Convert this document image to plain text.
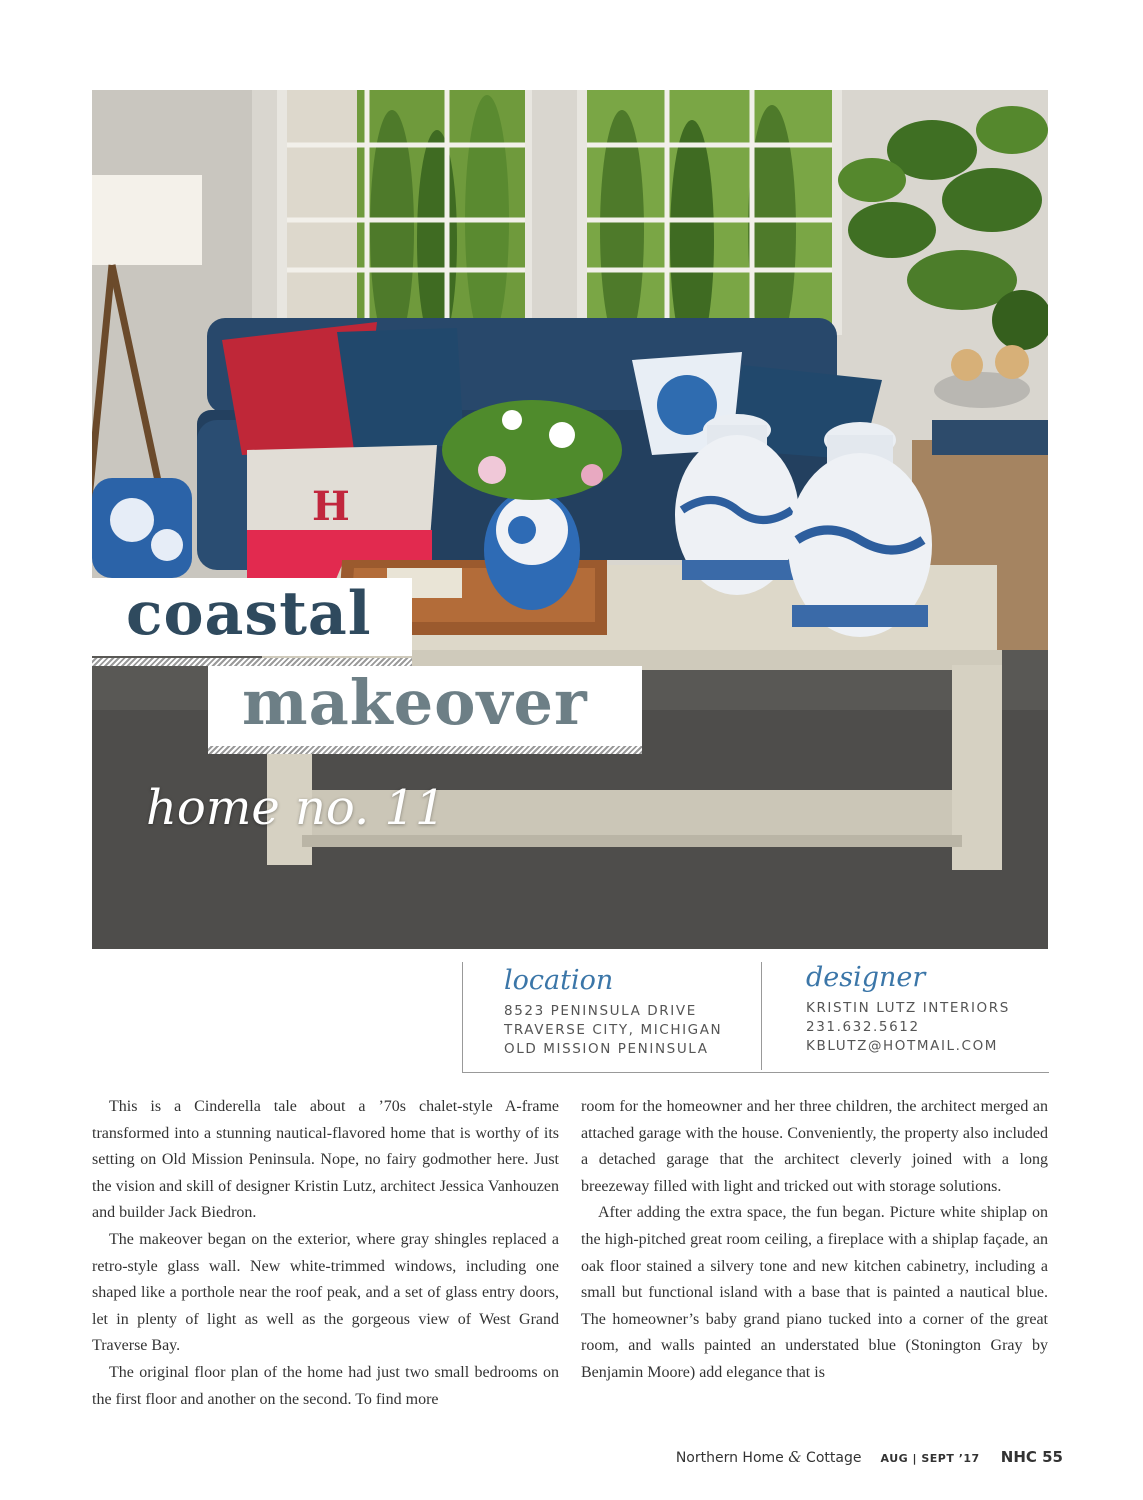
H
coastal
makeover
home no. 11
location
8523 PENINSULA DRIVE
TRAVERSE CITY, MICHIGAN
OLD MISSION PENINSULA
designer
KRISTIN LUTZ INTERIORS
231.632.5612
KBLUTZ@HOTMAIL.COM

This is a Cinderella tale about a ’70s chalet-style A-frame transformed into a stunning nautical-flavored home that is worthy of its setting on Old Mission Peninsula. Nope, no fairy godmother here. Just the vision and skill of designer Kristin Lutz, architect Jessica Vanhouzen and builder Jack Biedron.

The makeover began on the exterior, where gray shingles replaced a retro-style glass wall. New white-trimmed windows, including one shaped like a porthole near the roof peak, and a set of glass entry doors, let in plenty of light as well as the gorgeous view of West Grand Traverse Bay.

The original floor plan of the home had just two small bedrooms on the first floor and another on the second. To find more

room for the homeowner and her three children, the architect merged an attached garage with the house. Conveniently, the property also included a detached garage that the architect cleverly joined with a long breezeway filled with light and tricked out with storage solutions.

After adding the extra space, the fun began. Picture white shiplap on the high-pitched great room ceiling, a fireplace with a shiplap façade, an oak floor stained a silvery tone and new kitchen cabinetry, including a small but functional island with a base that is painted a nautical blue. The homeowner’s baby grand piano tucked into a corner of the great room, and walls painted an understated blue (Stonington Gray by Benjamin Moore) add elegance that is

Northern Home & Cottage AUG | SEPT ’17 NHC 55
